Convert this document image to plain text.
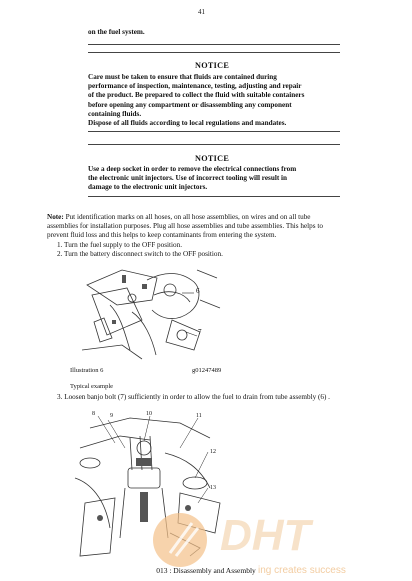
41
on the fuel system.
NOTICE
Care must be taken to ensure that fluids are contained during
performance of inspection, maintenance, testing, adjusting and repair
of the product. Be prepared to collect the fluid with suitable containers
before opening any compartment or disassembling any component
containing fluids.
Dispose of all fluids according to local regulations and mandates.
NOTICE
Use a deep socket in order to remove the electrical connections from
the electronic unit injectors. Use of incorrect tooling will result in
damage to the electronic unit injectors.
Note: Put identification marks on all hoses, on all hose assemblies, on wires and on all tube
assemblies for installation purposes. Plug all hose assemblies and tube assemblies. This helps to
prevent fluid loss and this helps to keep contaminants from entering the system.
1. Turn the fuel supply to the OFF position.
2. Turn the battery disconnect switch to the OFF position.
6
7
Illustration 6	g01247489
Typical example
3. Loosen banjo bolt (7) sufficiently in order to allow the fuel to drain from tube assembly (6) .
8	9	10	11
12
13
DHT
ing creates success
013 : Disassembly and Assembly
